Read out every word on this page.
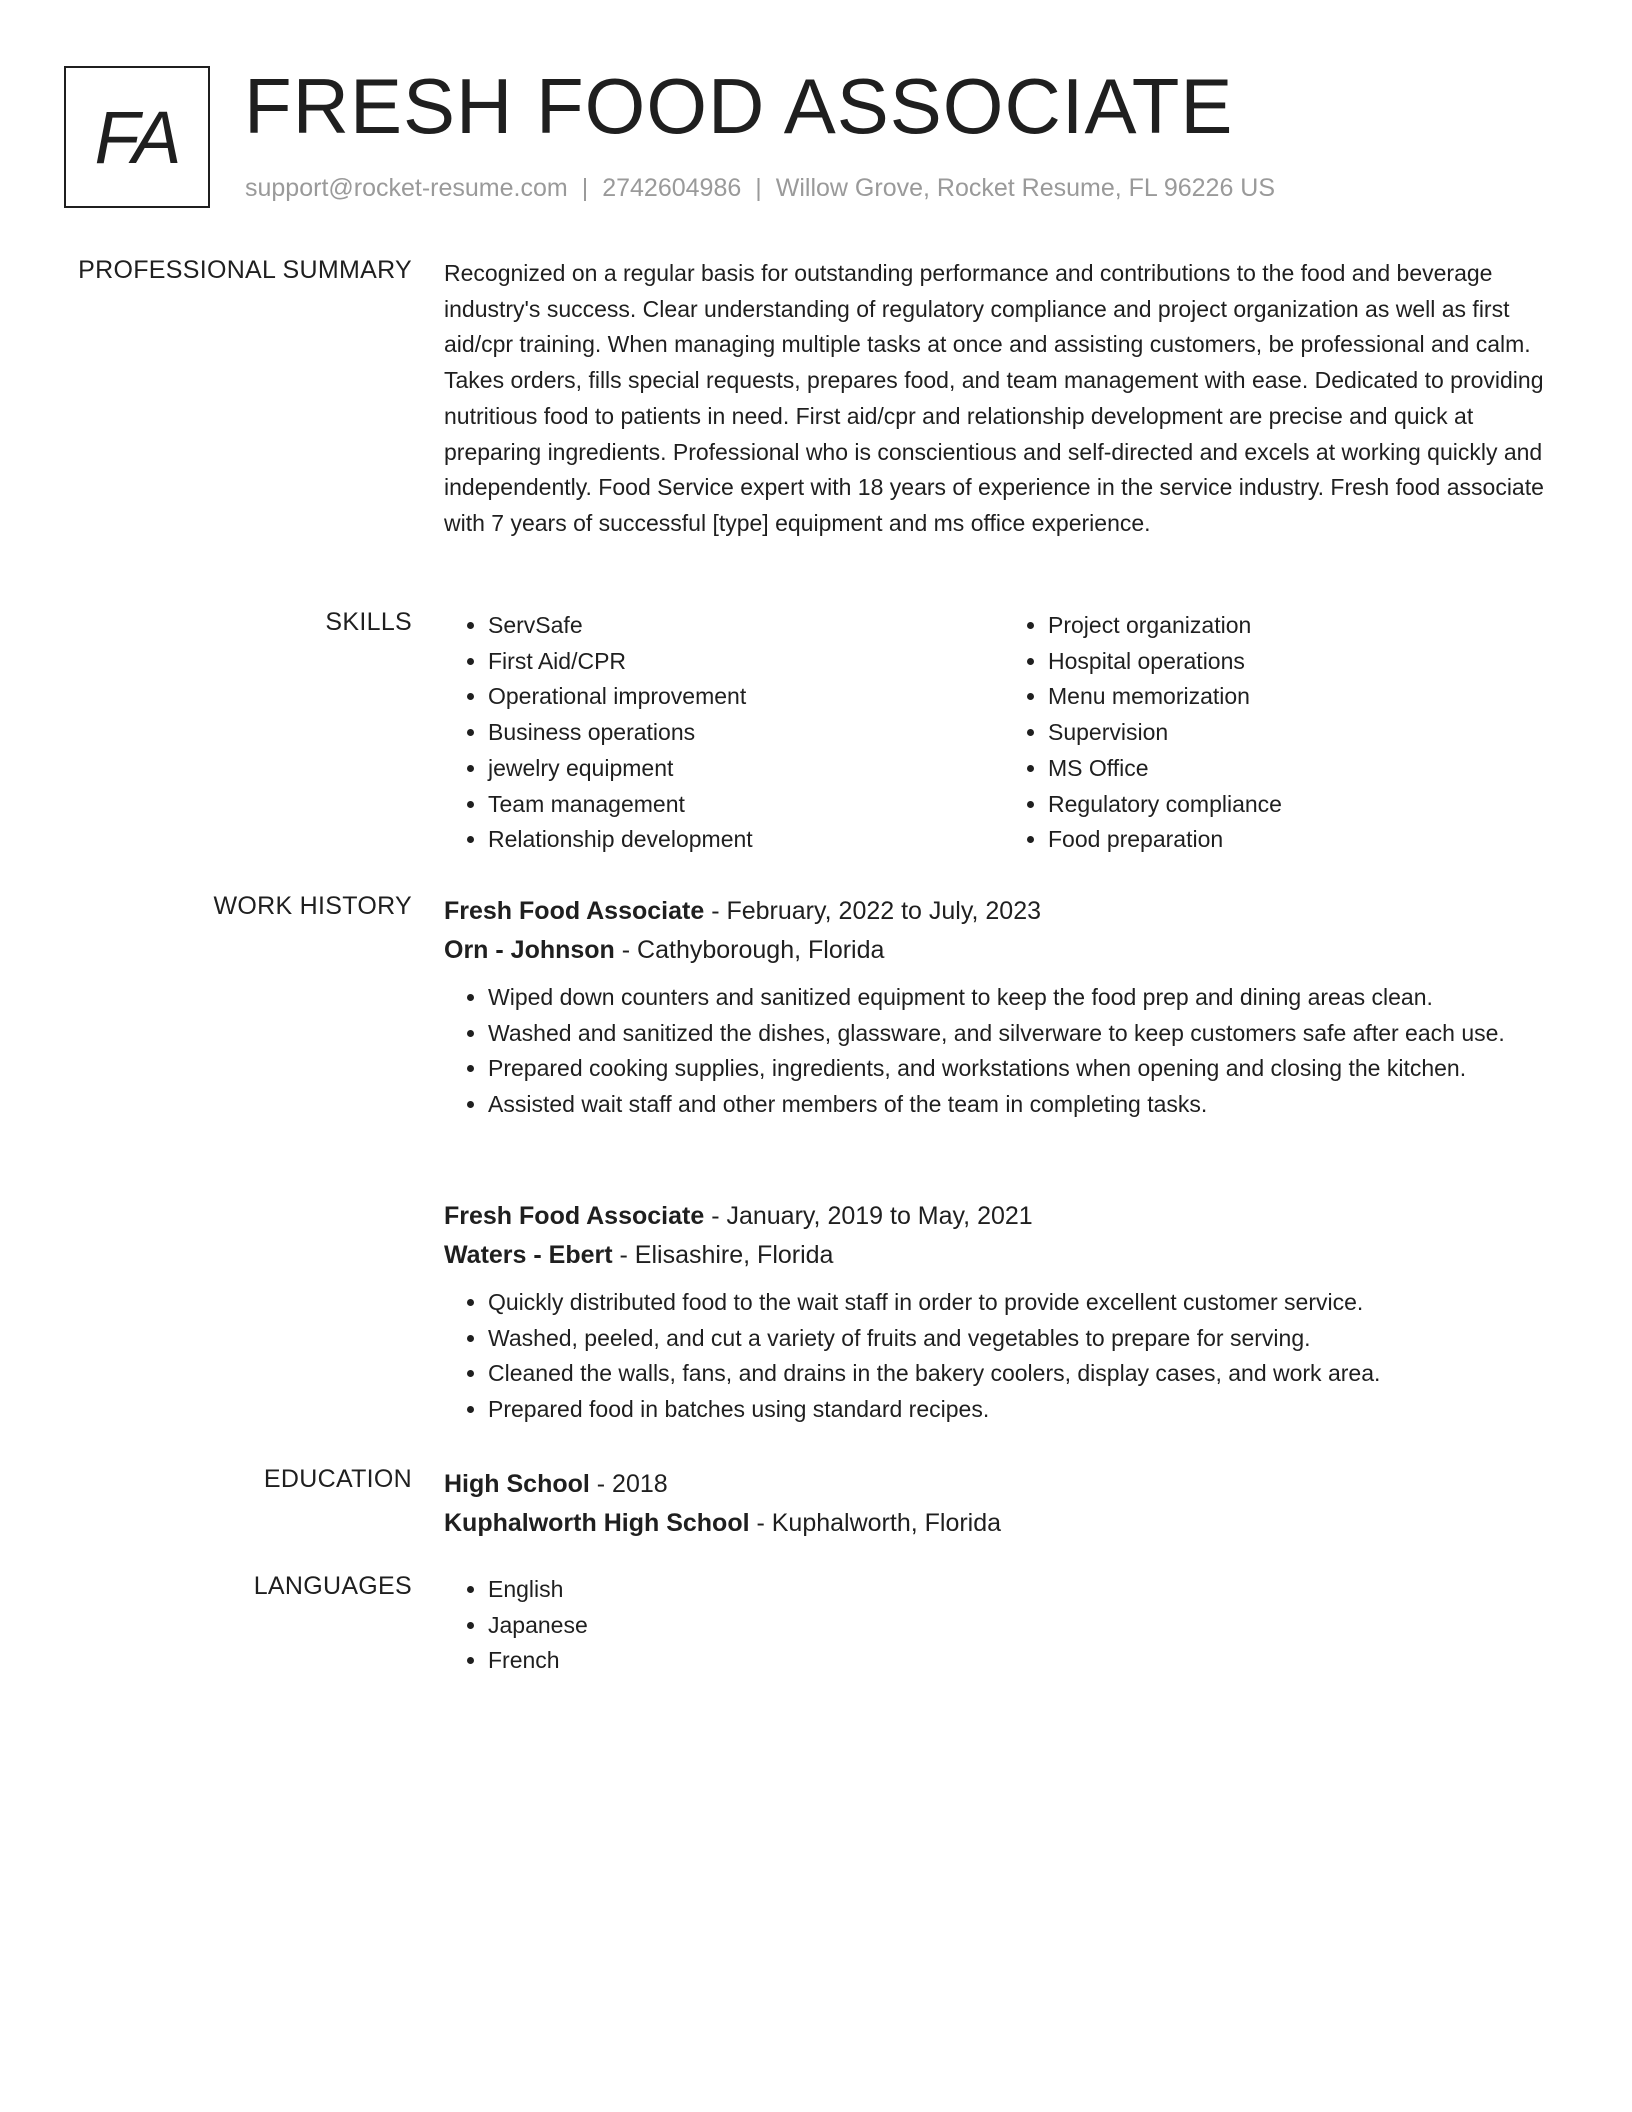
FA FRESH FOOD ASSOCIATE
support@rocket-resume.com | 2742604986 | Willow Grove, Rocket Resume, FL 96226 US
PROFESSIONAL SUMMARY Recognized on a regular basis for outstanding performance and contributions to the food and beverage industry's success. Clear understanding of regulatory compliance and project organization as well as first aid/cpr training. When managing multiple tasks at once and assisting customers, be professional and calm. Takes orders, fills special requests, prepares food, and team management with ease. Dedicated to providing nutritious food to patients in need. First aid/cpr and relationship development are precise and quick at preparing ingredients. Professional who is conscientious and self-directed and excels at working quickly and independently. Food Service expert with 18 years of experience in the service industry. Fresh food associate with 7 years of successful [type] equipment and ms office experience.

SKILLS	• ServSafe
• First Aid/CPR
• Operational improvement
• Business operations
• jewelry equipment
• Team management
• Relationship development
• Project organization
• Hospital operations
• Menu memorization
• Supervision
• MS Office
• Regulatory compliance
• Food preparation
WORK HISTORY Fresh Food Associate - February, 2022 to July, 2023
Orn - Johnson - Cathyborough, Florida
• Wiped down counters and sanitized equipment to keep the food prep and dining areas clean.
• Washed and sanitized the dishes, glassware, and silverware to keep customers safe after each use.
• Prepared cooking supplies, ingredients, and workstations when opening and closing the kitchen.
• Assisted wait staff and other members of the team in completing tasks.
Fresh Food Associate - January, 2019 to May, 2021
Waters - Ebert - Elisashire, Florida
• Quickly distributed food to the wait staff in order to provide excellent customer service.
• Washed, peeled, and cut a variety of fruits and vegetables to prepare for serving.
• Cleaned the walls, fans, and drains in the bakery coolers, display cases, and work area.
• Prepared food in batches using standard recipes.
EDUCATION High School - 2018
Kuphalworth High School - Kuphalworth, Florida
LANGUAGES	• English
• Japanese
• French
